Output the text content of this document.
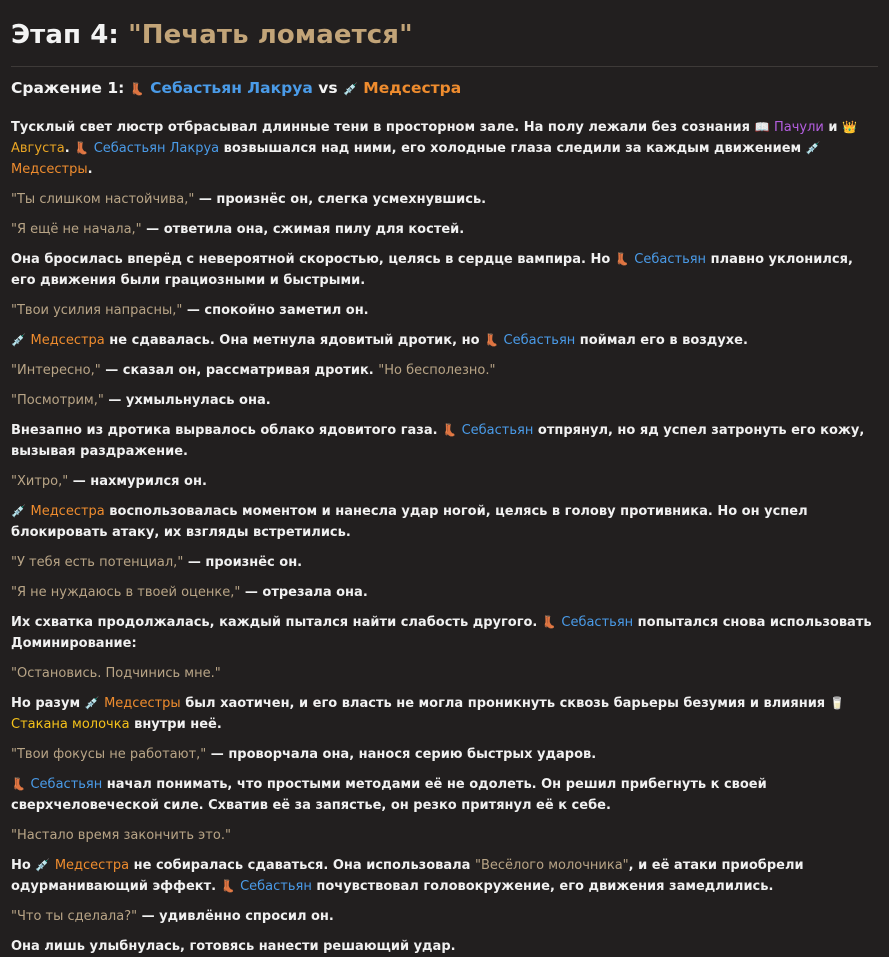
Этап 4: "Печать ломается"
Сражение 1: 👢 Себастьян Лакруа vs 💉 Медсестра

Тусклый свет люстр отбрасывал длинные тени в просторном зале. На полу лежали без сознания 📖 Пачули и 👑 Августа. 👢 Себастьян Лакруа возвышался над ними, его холодные глаза следили за каждым движением 💉 Медсестры.

"Ты слишком настойчива," — произнёс он, слегка усмехнувшись.

"Я ещё не начала," — ответила она, сжимая пилу для костей.

Она бросилась вперёд с невероятной скоростью, целясь в сердце вампира. Но 👢 Себастьян плавно уклонился, его движения были грациозными и быстрыми.

"Твои усилия напрасны," — спокойно заметил он.

💉 Медсестра не сдавалась. Она метнула ядовитый дротик, но 👢 Себастьян поймал его в воздухе.

"Интересно," — сказал он, рассматривая дротик. "Но бесполезно."

"Посмотрим," — ухмыльнулась она.

Внезапно из дротика вырвалось облако ядовитого газа. 👢 Себастьян отпрянул, но яд успел затронуть его кожу, вызывая раздражение.

"Хитро," — нахмурился он.

💉 Медсестра воспользовалась моментом и нанесла удар ногой, целясь в голову противника. Но он успел блокировать атаку, их взгляды встретились.

"У тебя есть потенциал," — произнёс он.

"Я не нуждаюсь в твоей оценке," — отрезала она.

Их схватка продолжалась, каждый пытался найти слабость другого. 👢 Себастьян попытался снова использовать Доминирование:

"Остановись. Подчинись мне."

Но разум 💉 Медсестры был хаотичен, и его власть не могла проникнуть сквозь барьеры безумия и влияния 🥛 Стакана молочка внутри неё.

"Твои фокусы не работают," — проворчала она, нанося серию быстрых ударов.

👢 Себастьян начал понимать, что простыми методами её не одолеть. Он решил прибегнуть к своей сверхчеловеческой силе. Схватив её за запястье, он резко притянул её к себе.

"Настало время закончить это."

Но 💉 Медсестра не собиралась сдаваться. Она использовала "Весёлого молочника", и её атаки приобрели одурманивающий эффект. 👢 Себастьян почувствовал головокружение, его движения замедлились.

"Что ты сделала?" — удивлённо спросил он.

Она лишь улыбнулась, готовясь нанести решающий удар.
